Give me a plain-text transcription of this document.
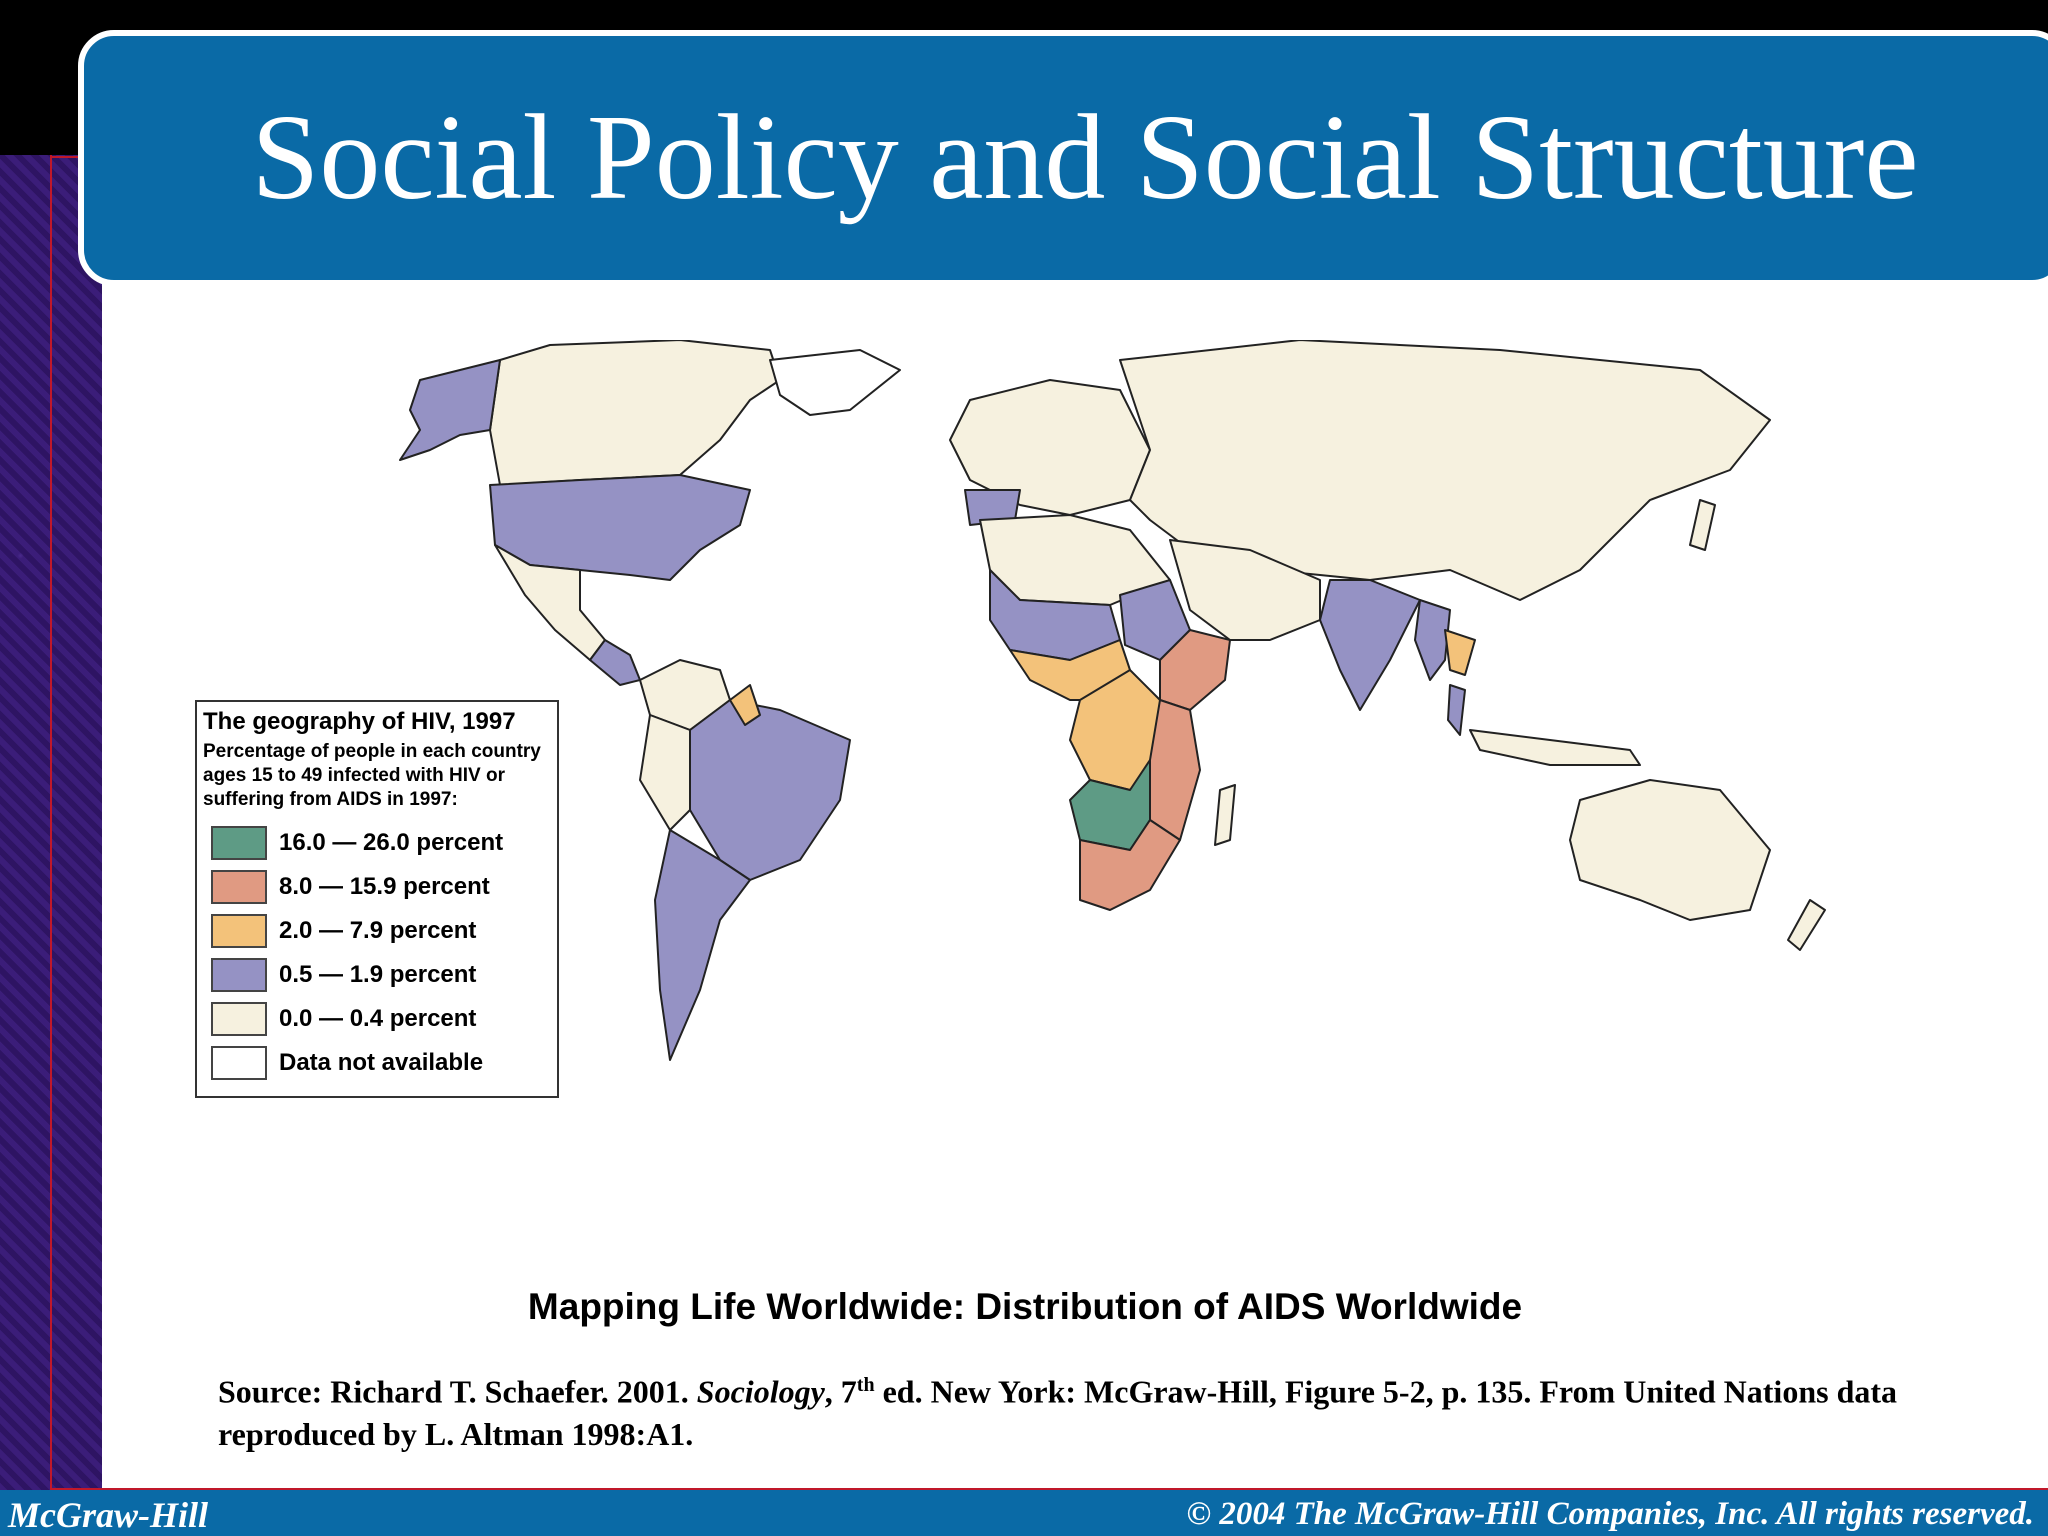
Social Policy and Social Structure
The geography of HIV, 1997
Percentage of people in each country ages 15 to 49 infected with HIV or suffering from AIDS in 1997:
16.0 — 26.0 percent
8.0 — 15.9 percent
2.0 — 7.9 percent
0.5 — 1.9 percent
0.0 — 0.4 percent
Data not available
Mapping Life Worldwide: Distribution of AIDS Worldwide
Source: Richard T. Schaefer. 2001. Sociology, 7th ed. New York: McGraw-Hill, Figure 5-2, p. 135. From United Nations data reproduced by L. Altman 1998:A1.
McGraw-Hill	© 2004 The McGraw-Hill Companies, Inc. All rights reserved.
